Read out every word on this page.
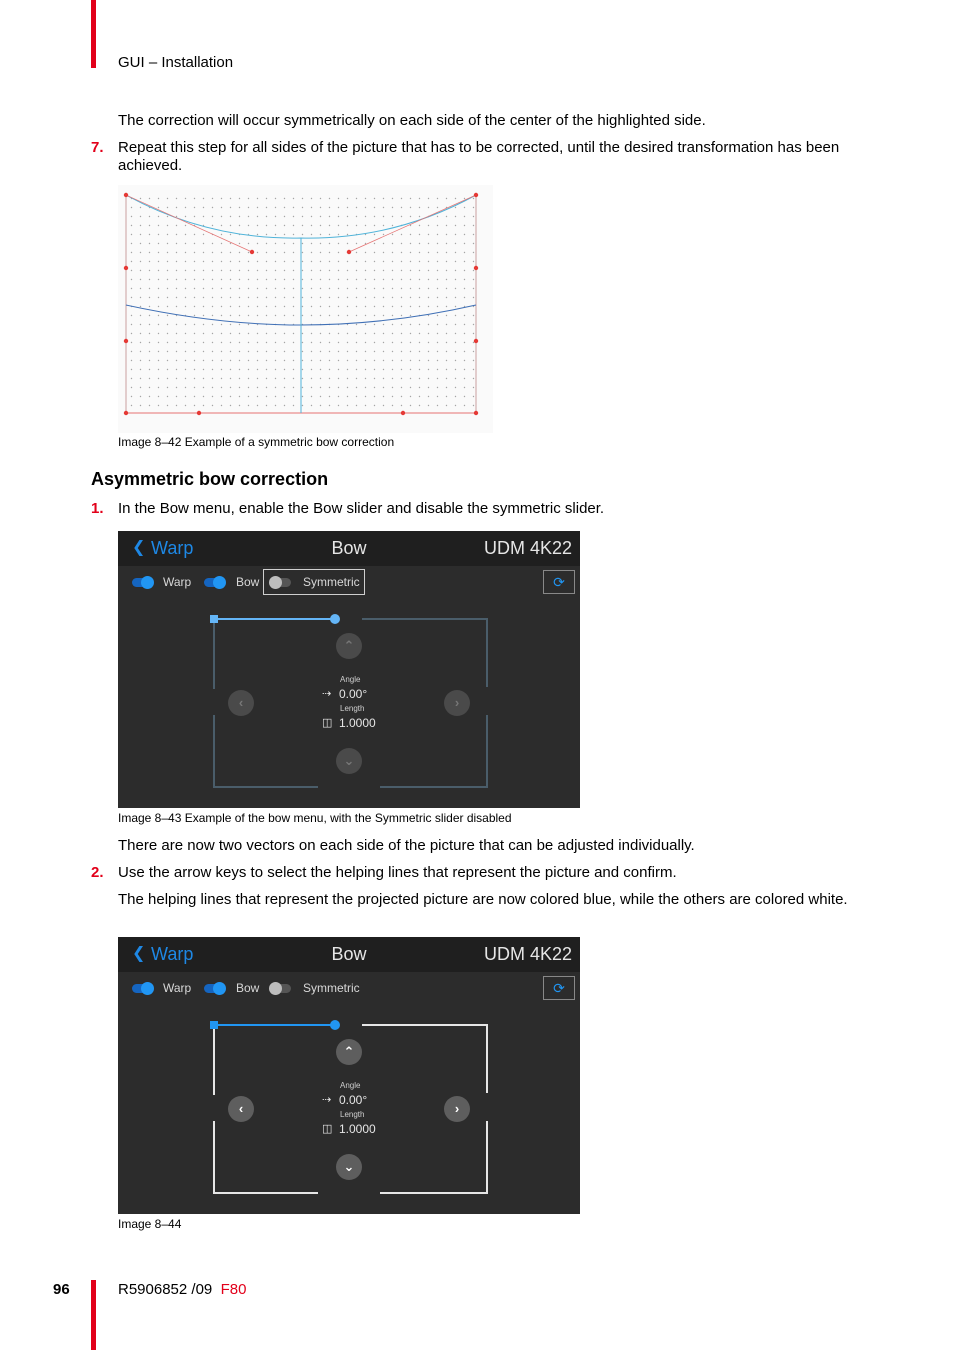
GUI – Installation
The correction will occur symmetrically on each side of the center of the highlighted side.
7. Repeat this step for all sides of the picture that has to be corrected, until the desired transformation has been achieved.
Image 8–42 Example of a symmetric bow correction
Asymmetric bow correction
1. In the Bow menu, enable the Bow slider and disable the symmetric slider.
❮ Warp	Bow	UDM 4K22
Warp	Bow	Symmetric	⟳
⌃
‹	›
⌄
Angle
⇢ 0.00°
Length
◫ 1.0000
Image 8–43 Example of the bow menu, with the Symmetric slider disabled
There are now two vectors on each side of the picture that can be adjusted individually.
2. Use the arrow keys to select the helping lines that represent the picture and confirm.
The helping lines that represent the projected picture are now colored blue, while the others are colored white.
❮ Warp	Bow	UDM 4K22
Warp	Bow	Symmetric	⟳
⌃
‹	›
⌄
Angle
⇢ 0.00°
Length
◫ 1.0000
Image 8–44
96	R5906852 /09 F80
